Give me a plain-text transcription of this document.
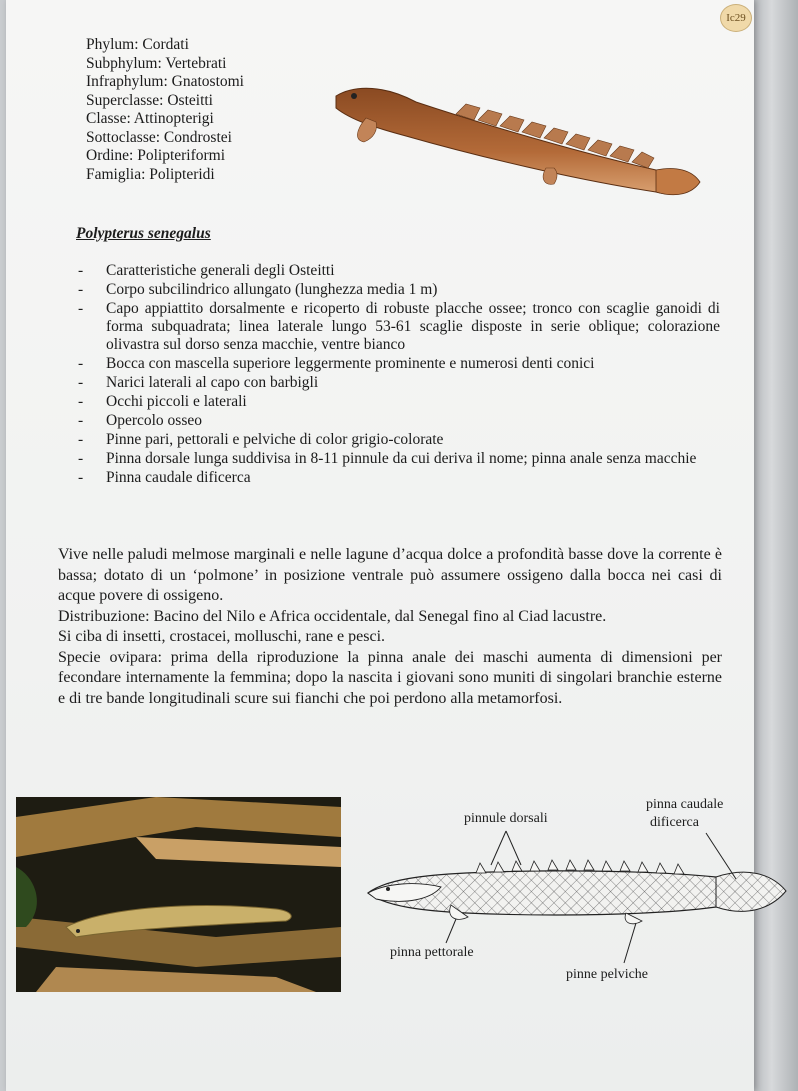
Ic29
Phylum: Cordati
Subphylum: Vertebrati
Infraphylum: Gnatostomi
Superclasse: Osteitti
Classe: Attinopterigi
Sottoclasse: Condrostei
Ordine: Polipteriformi
Famiglia: Polipteridi
Polypterus senegalus
-	Caratteristiche generali degli Osteitti
-	Corpo subcilindrico allungato (lunghezza media 1 m)
-	Capo appiattito dorsalmente e ricoperto di robuste placche ossee; tronco con scaglie ganoidi di forma subquadrata; linea laterale lungo 53-61 scaglie disposte in serie oblique; colorazione olivastra sul dorso senza macchie, ventre bianco
-	Bocca con mascella superiore leggermente prominente e numerosi denti conici
-	Narici laterali al capo con barbigli
-	Occhi piccoli e laterali
-	Opercolo osseo
-	Pinne pari, pettorali e pelviche di color grigio-colorate
-	Pinna dorsale lunga suddivisa in 8-11 pinnule da cui deriva il nome; pinna anale senza macchie
-	Pinna caudale dificerca

Vive nelle paludi melmose marginali e nelle lagune d’acqua dolce a profondità basse dove la corrente è bassa; dotato di un ‘polmone’ in posizione ventrale può assumere ossigeno dalla bocca nei casi di acque povere di ossigeno.

Distribuzione: Bacino del Nilo e Africa occidentale, dal Senegal fino al Ciad lacustre.

Si ciba di insetti, crostacei, molluschi, rane e pesci.

Specie ovipara: prima della riproduzione la pinna anale dei maschi aumenta di dimensioni per fecondare internamente la femmina; dopo la nascita i giovani sono muniti di singolari branchie esterne e di tre bande longitudinali scure sui fianchi che poi perdono alla metamorfosi.

pinnule dorsali
pinna caudale
dificerca
pinna pettorale
pinne pelviche
